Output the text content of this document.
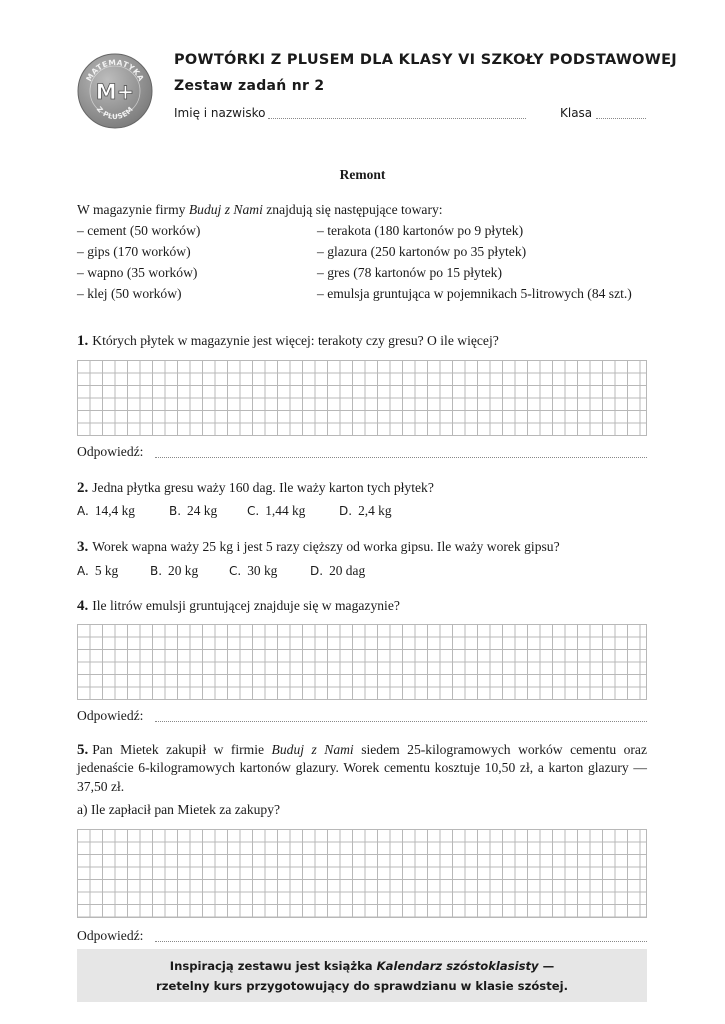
MATEMATYKA
Z PLUSEM
M+
POWTÓRKI Z PLUSEM DLA KLASY VI SZKOŁY PODSTAWOWEJ
Zestaw zadań nr 2
Imię i nazwisko	Klasa
Remont
W magazynie firmy Buduj z Nami znajdują się następujące towary:
– cement (50 worków)
– gips (170 worków)
– wapno (35 worków)
– klej (50 worków)
– terakota (180 kartonów po 9 płytek)
– glazura (250 kartonów po 35 płytek)
– gres (78 kartonów po 15 płytek)
– emulsja gruntująca w pojemnikach 5-litrowych (84 szt.)
1. Których płytek w magazynie jest więcej: terakoty czy gresu? O ile więcej?
Odpowiedź:
2. Jedna płytka gresu waży 160 dag. Ile waży karton tych płytek?
A. 14,4 kg	B. 24 kg C. 1,44 kg	D. 2,4 kg
3. Worek wapna waży 25 kg i jest 5 razy cięższy od worka gipsu. Ile waży worek gipsu?
A. 5 kg	B. 20 kg	C. 30 kg	D. 20 dag
4. Ile litrów emulsji gruntującej znajduje się w magazynie?
Odpowiedź:
5. Pan Mietek zakupił w firmie Buduj z Nami siedem 25-kilogramowych worków cementu oraz jedenaście 6-kilogramowych kartonów glazury. Worek cementu kosztuje 10,50 zł, a karton glazury — 37,50 zł.
a) Ile zapłacił pan Mietek za zakupy?
Odpowiedź:
Inspiracją zestawu jest książka Kalendarz szóstoklasisty —
rzetelny kurs przygotowujący do sprawdzianu w klasie szóstej.
